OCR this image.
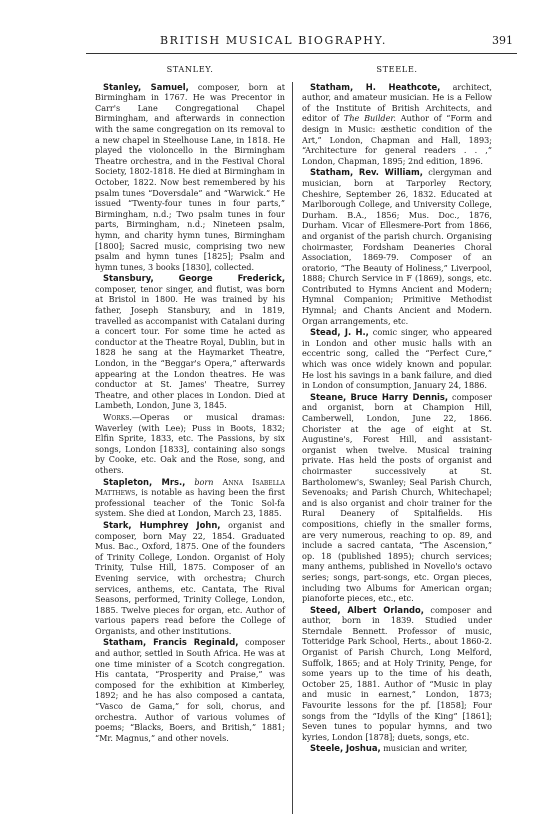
BRITISH MUSICAL BIOGRAPHY.	391
STANLEY.

Stanley, Samuel, composer, born at Birmingham in 1767. He was Precentor in Carr's Lane Congregational Chapel Birmingham, and afterwards in connection with the same congregation on its removal to a new chapel in Steelhouse Lane, in 1818. He played the violoncello in the Birmingham Theatre orchestra, and in the Festival Choral Society, 1802-1818. He died at Birmingham in October, 1822. Now best remembered by his psalm tunes “Doversdale” and “Warwick.” He issued “Twenty-four tunes in four parts,” Birmingham, n.d.; Two psalm tunes in four parts, Birmingham, n.d.; Nineteen psalm, hymn, and charity hymn tunes, Birmingham [1800]; Sacred music, comprising two new psalm and hymn tunes [1825]; Psalm and hymn tunes, 3 books [1830], collected.

Stansbury, George Frederick, composer, tenor singer, and flutist, was born at Bristol in 1800. He was trained by his father, Joseph Stansbury, and in 1819, travelled as accompanist with Catalani during a concert tour. For some time he acted as conductor at the Theatre Royal, Dublin, but in 1828 he sang at the Haymarket Theatre, London, in the “Beggar's Opera,” afterwards appearing at the London theatres. He was conductor at St. James' Theatre, Surrey Theatre, and other places in London. Died at Lambeth, London, June 3, 1845.

Works.—Operas or musical dramas: Waverley (with Lee); Puss in Boots, 1832; Elfin Sprite, 1833, etc. The Passions, by six songs, London [1833], containing also songs by Cooke, etc. Oak and the Rose, song, and others.

Stapleton, Mrs., born Anna Isabella Matthews, is notable as having been the first professional teacher of the Tonic Sol-fa system. She died at London, March 23, 1885.

Stark, Humphrey John, organist and composer, born May 22, 1854. Graduated Mus. Bac., Oxford, 1875. One of the founders of Trinity College, London. Organist of Holy Trinity, Tulse Hill, 1875. Composer of an Evening service, with orchestra; Church services, anthems, etc. Cantata, The Rival Seasons, performed, Trinity College, London, 1885. Twelve pieces for organ, etc. Author of various papers read before the College of Organists, and other institutions.

Statham, Francis Reginald, composer and author, settled in South Africa. He was at one time minister of a Scotch congregation. His cantata, “Prosperity and Praise,” was composed for the exhibition at Kimberley, 1892; and he has also composed a cantata, “Vasco de Gama,” for soli, chorus, and orchestra. Author of various volumes of poems; “Blacks, Boers, and British,” 1881; “Mr. Magnus,” and other novels.

STEELE.

Statham, H. Heathcote, architect, author, and amateur musician. He is a Fellow of the Institute of British Architects, and editor of The Builder. Author of “Form and design in Music: æsthetic condition of the Art,” London, Chapman and Hall, 1893; “Architecture for general readers . . ,” London, Chapman, 1895; 2nd edition, 1896.

Statham, Rev. William, clergyman and musician, born at Tarporley Rectory, Cheshire, September 26, 1832. Educated at Marlborough College, and University College, Durham. B.A., 1856; Mus. Doc., 1876, Durham. Vicar of Ellesmere-Port from 1866, and organist of the parish church. Organising choirmaster, Fordsham Deaneries Choral Association, 1869-79. Composer of an oratorio, “The Beauty of Holiness,” Liverpool, 1888; Church Service in F (1869), songs, etc. Contributed to Hymns Ancient and Modern; Hymnal Companion; Primitive Methodist Hymnal; and Chants Ancient and Modern. Organ arrangements, etc.

Stead, J. H., comic singer, who appeared in London and other music halls with an eccentric song, called the “Perfect Cure,” which was once widely known and popular. He lost his savings in a bank failure, and died in London of consumption, January 24, 1886.

Steane, Bruce Harry Dennis, composer and organist, born at Champion Hill, Camberwell, London, June 22, 1866. Chorister at the age of eight at St. Augustine's, Forest Hill, and assistant-organist when twelve. Musical training private. Has held the posts of organist and choirmaster successively at St. Bartholomew's, Swanley; Seal Parish Church, Sevenoaks; and Parish Church, Whitechapel; and is also organist and choir trainer for the Rural Deanery of Spitalfields. His compositions, chiefly in the smaller forms, are very numerous, reaching to op. 89, and include a sacred cantata, “The Ascension,” op. 18 (published 1895); church services; many anthems, published in Novello's octavo series; songs, part-songs, etc. Organ pieces, including two Albums for American organ; pianoforte pieces, etc., etc.

Steed, Albert Orlando, composer and author, born in 1839. Studied under Sterndale Bennett. Professor of music, Totteridge Park School, Herts., about 1860-2. Organist of Parish Church, Long Melford, Suffolk, 1865; and at Holy Trinity, Penge, for some years up to the time of his death, October 25, 1881. Author of “Music in play and music in earnest,” London, 1873; Favourite lessons for the pf. [1858]; Four songs from the “Idylls of the King” [1861]; Seven tunes to popular hymns, and two kyries, London [1878]; duets, songs, etc.

Steele, Joshua, musician and writer,
